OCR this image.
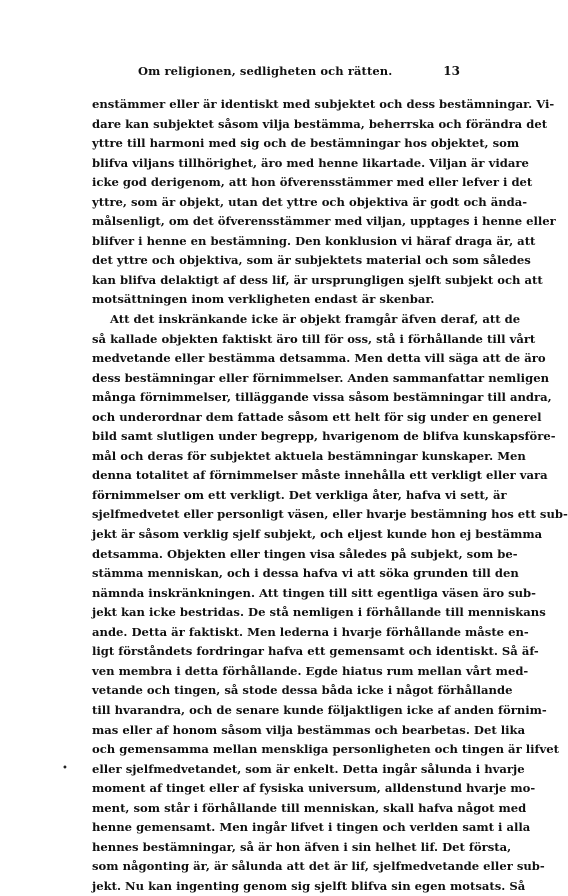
Om religionen, sedligheten och rätten.	13
enstämmer eller är identiskt med subjektet och dess bestämningar. Vi-
dare kan subjektet såsom vilja bestämma, beherrska och förändra det
yttre till harmoni med sig och de bestämningar hos objektet, som
blifva viljans tillhörighet, äro med henne likartade. Viljan är vidare
icke god derigenom, att hon öfverensstämmer med eller lefver i det
yttre, som är objekt, utan det yttre och objektiva är godt och ända-
målsenligt, om det öfverensstämmer med viljan, upptages i henne eller
blifver i henne en bestämning. Den konklusion vi häraf draga är, att
det yttre och objektiva, som är subjektets material och som således
kan blifva delaktigt af dess lif, är ursprungligen sjelft subjekt och att
motsättningen inom verkligheten endast är skenbar.
Att det inskränkande icke är objekt framgår äfven deraf, att de
så kallade objekten faktiskt äro till för oss, stå i förhållande till vårt
medvetande eller bestämma detsamma. Men detta vill säga att de äro
dess bestämningar eller förnimmelser. Anden sammanfattar nemligen
många förnimmelser, tilläggande vissa såsom bestämningar till andra,
och underordnar dem fattade såsom ett helt för sig under en generel
bild samt slutligen under begrepp, hvarigenom de blifva kunskapsföre-
mål och deras för subjektet aktuela bestämningar kunskaper. Men
denna totalitet af förnimmelser måste innehålla ett verkligt eller vara
förnimmelser om ett verkligt. Det verkliga åter, hafva vi sett, är
sjelfmedvetet eller personligt väsen, eller hvarje bestämning hos ett sub-
jekt är såsom verklig sjelf subjekt, och eljest kunde hon ej bestämma
detsamma. Objekten eller tingen visa således på subjekt, som be-
stämma menniskan, och i dessa hafva vi att söka grunden till den
nämnda inskränkningen. Att tingen till sitt egentliga väsen äro sub-
jekt kan icke bestridas. De stå nemligen i förhållande till menniskans
ande. Detta är faktiskt. Men lederna i hvarje förhållande måste en-
ligt förståndets fordringar hafva ett gemensamt och identiskt. Så äf-
ven membra i detta förhållande. Egde hiatus rum mellan vårt med-
vetande och tingen, så stode dessa båda icke i något förhållande
till hvarandra, och de senare kunde följaktligen icke af anden förnim-
mas eller af honom såsom vilja bestämmas och bearbetas. Det lika
och gemensamma mellan menskliga personligheten och tingen är lifvet
eller sjelfmedvetandet, som är enkelt. Detta ingår sålunda i hvarje
moment af tinget eller af fysiska universum, alldenstund hvarje mo-
ment, som står i förhållande till menniskan, skall hafva något med
henne gemensamt. Men ingår lifvet i tingen och verlden samt i alla
hennes bestämningar, så är hon äfven i sin helhet lif. Det första,
som någonting är, är sålunda att det är lif, sjelfmedvetande eller sub-
jekt. Nu kan ingenting genom sig sjelft blifva sin egen motsats. Så
•
